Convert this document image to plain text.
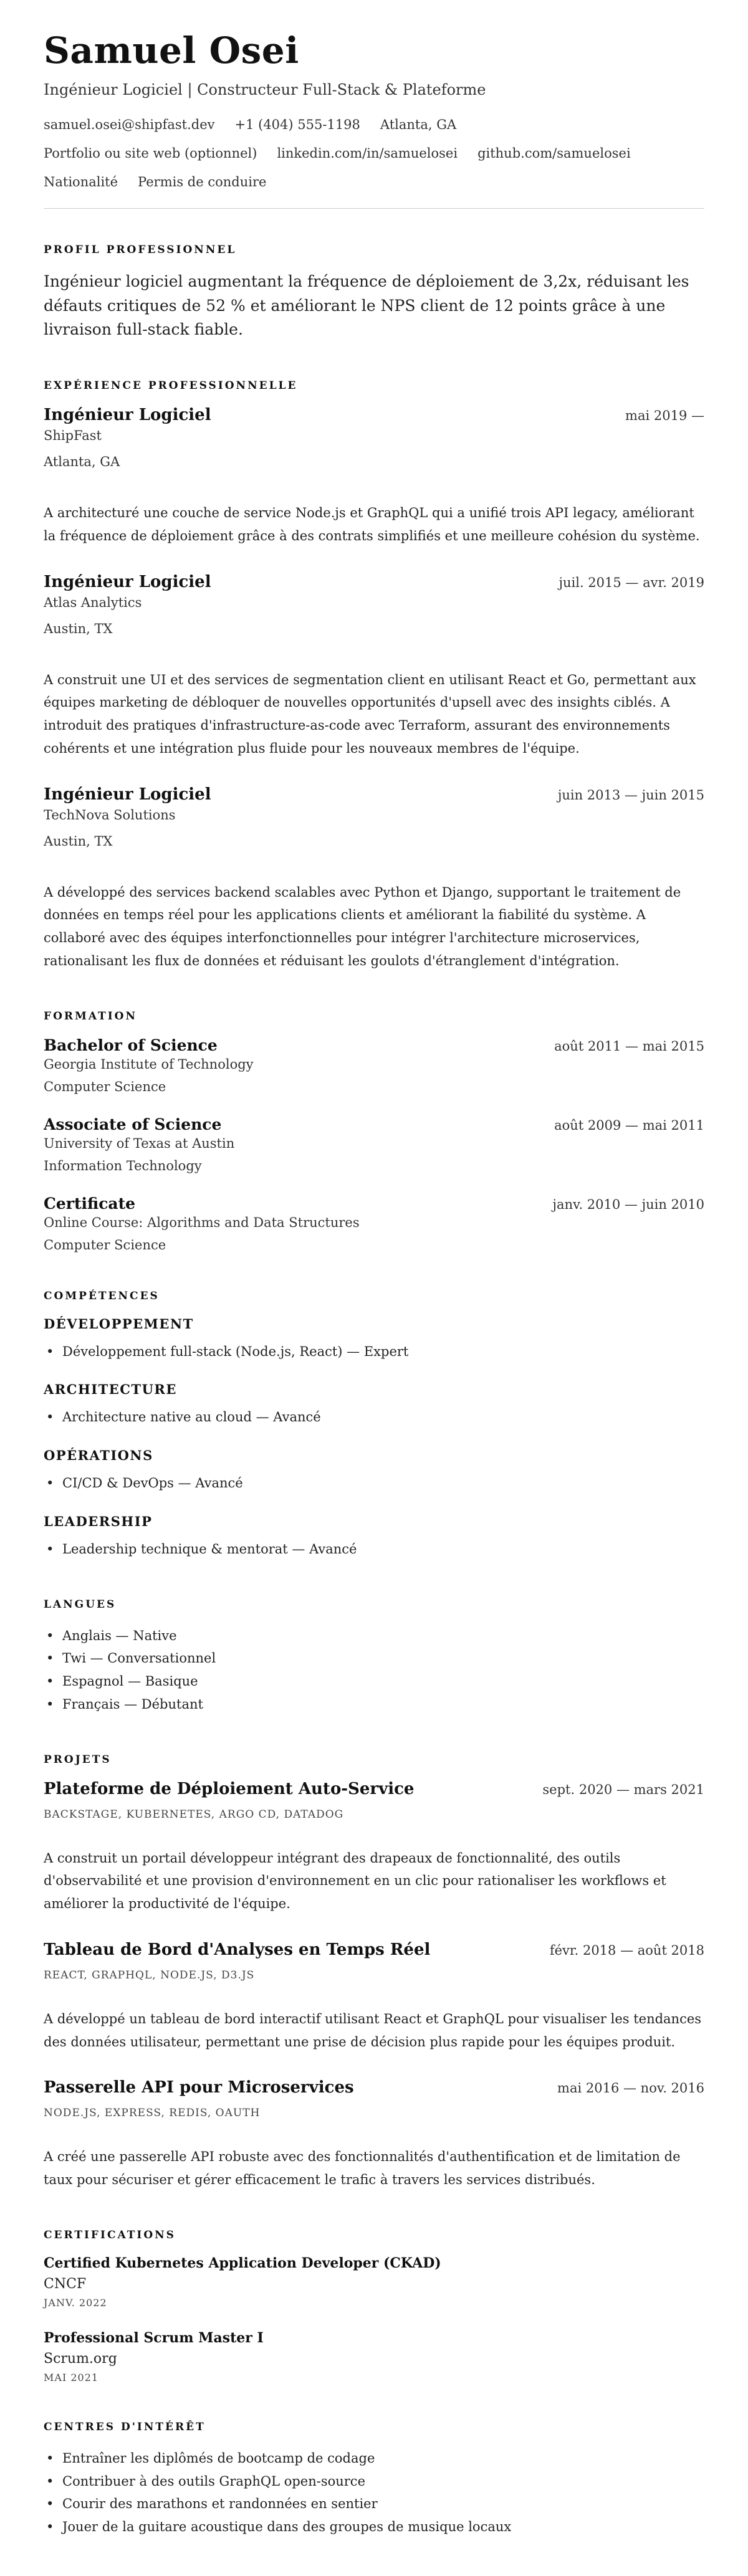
Samuel Osei
Ingénieur Logiciel | Constructeur Full-Stack & Plateforme
samuel.osei@shipfast.dev +1 (404) 555-1198 Atlanta, GA
Portfolio ou site web (optionnel) linkedin.com/in/samuelosei github.com/samuelosei
Nationalité Permis de conduire
PROFIL PROFESSIONNEL

Ingénieur logiciel augmentant la fréquence de déploiement de 3,2x, réduisant les défauts critiques de 52 % et améliorant le NPS client de 12 points grâce à une livraison full-stack fiable.

EXPÉRIENCE PROFESSIONNELLE
Ingénieur Logiciel	mai 2019 —
ShipFast
Atlanta, GA

A architecturé une couche de service Node.js et GraphQL qui a unifié trois API legacy, améliorant la fréquence de déploiement grâce à des contrats simplifiés et une meilleure cohésion du système.

Ingénieur Logiciel	juil. 2015 — avr. 2019
Atlas Analytics
Austin, TX

A construit une UI et des services de segmentation client en utilisant React et Go, permettant aux équipes marketing de débloquer de nouvelles opportunités d'upsell avec des insights ciblés. A introduit des pratiques d'infrastructure-as-code avec Terraform, assurant des environnements cohérents et une intégration plus fluide pour les nouveaux membres de l'équipe.

Ingénieur Logiciel	juin 2013 — juin 2015
TechNova Solutions
Austin, TX

A développé des services backend scalables avec Python et Django, supportant le traitement de données en temps réel pour les applications clients et améliorant la fiabilité du système. A collaboré avec des équipes interfonctionnelles pour intégrer l'architecture microservices, rationalisant les flux de données et réduisant les goulots d'étranglement d'intégration.

FORMATION
Bachelor of Science	août 2011 — mai 2015
Georgia Institute of Technology
Computer Science
Associate of Science	août 2009 — mai 2011
University of Texas at Austin
Information Technology
Certificate	janv. 2010 — juin 2010
Online Course: Algorithms and Data Structures
Computer Science
COMPÉTENCES
DÉVELOPPEMENT
• Développement full-stack (Node.js, React) — Expert
ARCHITECTURE
• Architecture native au cloud — Avancé
OPÉRATIONS
• CI/CD & DevOps — Avancé
LEADERSHIP
• Leadership technique & mentorat — Avancé
LANGUES
• Anglais — Native
• Twi — Conversationnel
• Espagnol — Basique
• Français — Débutant
PROJETS
Plateforme de Déploiement Auto-Service	sept. 2020 — mars 2021
BACKSTAGE, KUBERNETES, ARGO CD, DATADOG

A construit un portail développeur intégrant des drapeaux de fonctionnalité, des outils d'observabilité et une provision d'environnement en un clic pour rationaliser les workflows et améliorer la productivité de l'équipe.

Tableau de Bord d'Analyses en Temps Réel	févr. 2018 — août 2018
REACT, GRAPHQL, NODE.JS, D3.JS

A développé un tableau de bord interactif utilisant React et GraphQL pour visualiser les tendances des données utilisateur, permettant une prise de décision plus rapide pour les équipes produit.

Passerelle API pour Microservices	mai 2016 — nov. 2016
NODE.JS, EXPRESS, REDIS, OAUTH

A créé une passerelle API robuste avec des fonctionnalités d'authentification et de limitation de taux pour sécuriser et gérer efficacement le trafic à travers les services distribués.

CERTIFICATIONS
Certified Kubernetes Application Developer (CKAD)
CNCF
JANV. 2022
Professional Scrum Master I
Scrum.org
MAI 2021
CENTRES D'INTÉRÊT
• Entraîner les diplômés de bootcamp de codage
• Contribuer à des outils GraphQL open-source
• Courir des marathons et randonnées en sentier
• Jouer de la guitare acoustique dans des groupes de musique locaux
